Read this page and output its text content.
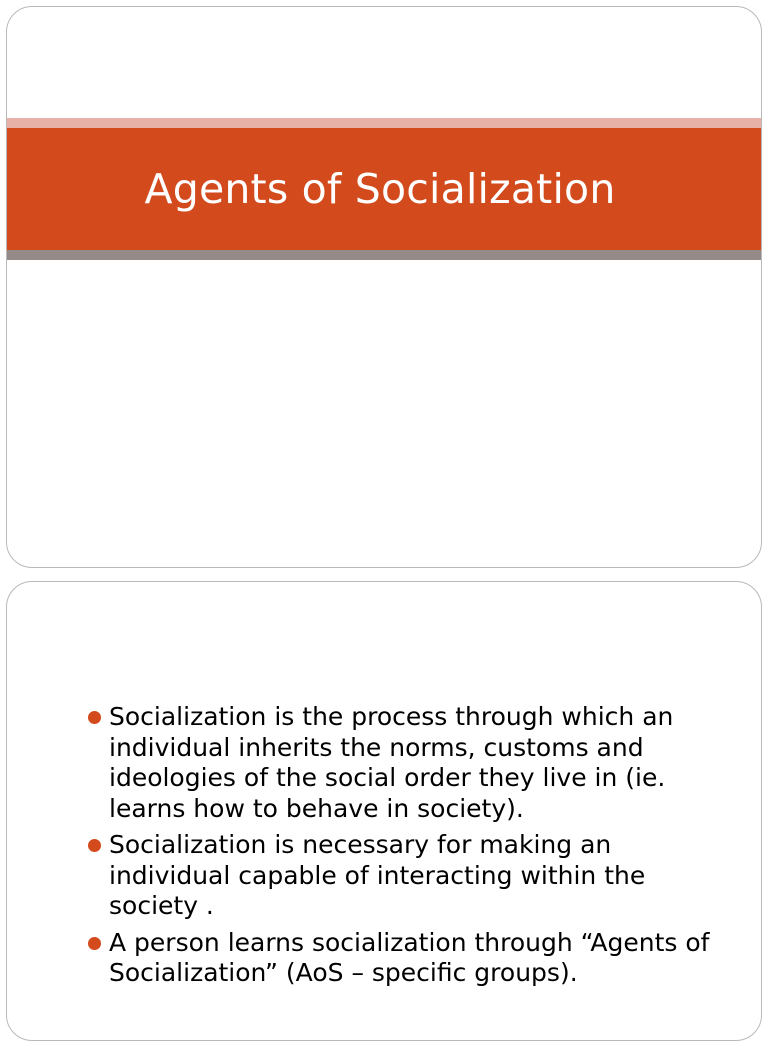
Agents of Socialization
Socialization is the process through which an individual inherits the norms, customs and ideologies of the social order they live in (ie. learns how to behave in society).
Socialization is necessary for making an individual capable of interacting within the society .
A person learns socialization through “Agents of Socialization” (AoS – specific groups).
